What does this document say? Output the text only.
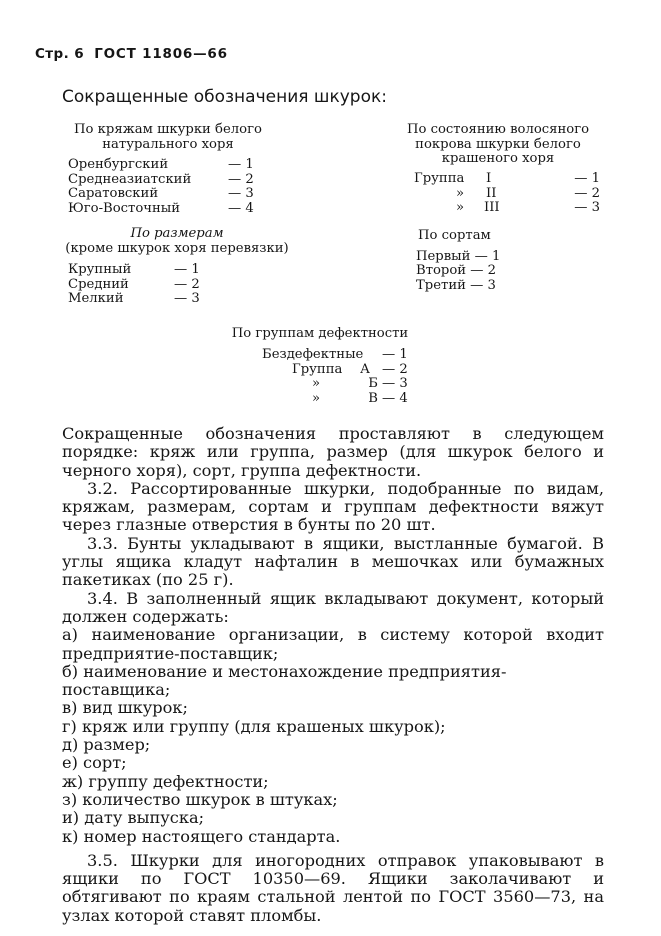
Стр. 6 ГОСТ 11806—66
Сокращенные обозначения шкурок:
По кряжам шкурки белого
натурального хоря
Оренбургский	— 1
Среднеазиатский	— 2
Саратовский	— 3
Юго-Восточный	— 4
По состоянию волосяного
покрова шкурки белого
крашеного хоря
Группа I	— 1
» II	— 2
» III	— 3
По размерам
(кроме шкурок хоря перевязки)
Крупный	— 1
Средний	— 2
Мелкий	— 3
По сортам
Первый — 1
Второй — 2
Третий — 3
По группам дефектности
Бездефектные — 1
Группа А — 2
»	Б — 3
»	В — 4
Сокращенные обозначения проставляют в следующем порядке: кряж или группа, размер (для шкурок белого и черного хоря), сорт, группа дефектности.
3.2. Рассортированные шкурки, подобранные по видам, кряжам, размерам, сортам и группам дефектности вяжут через глазные отверстия в бунты по 20 шт.
3.3. Бунты укладывают в ящики, выстланные бумагой. В углы ящика кладут нафталин в мешочках или бумажных пакетиках (по 25 г).
3.4. В заполненный ящик вкладывают документ, который должен содержать:
а) наименование организации, в систему которой входит предприятие-поставщик;
б) наименование и местонахождение предприятия-поставщика;
в) вид шкурок;
г) кряж или группу (для крашеных шкурок);
д) размер;
е) сорт;
ж) группу дефектности;
з) количество шкурок в штуках;
и) дату выпуска;
к) номер настоящего стандарта.
3.5. Шкурки для иногородних отправок упаковывают в ящики по ГОСТ 10350—69. Ящики заколачивают и обтягивают по краям стальной лентой по ГОСТ 3560—73, на узлах которой ставят пломбы.
